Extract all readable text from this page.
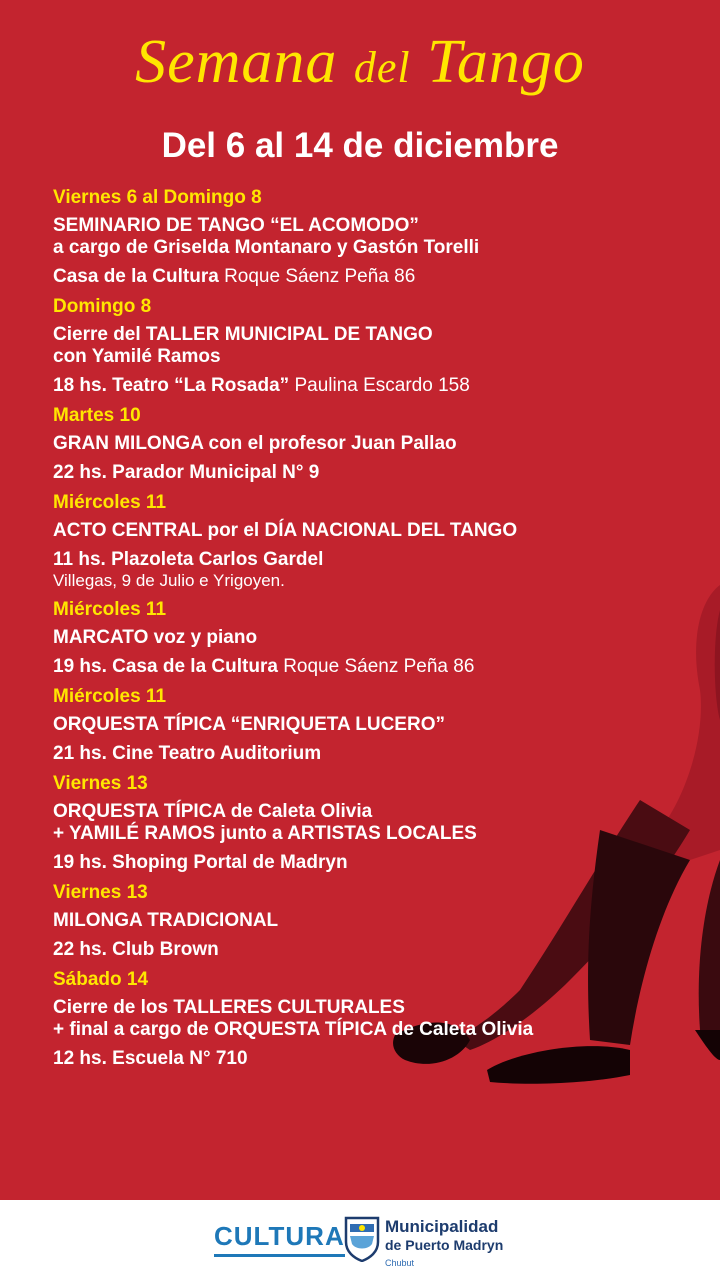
Semana del Tango
Del 6 al 14 de diciembre
Viernes 6 al Domingo 8
SEMINARIO DE TANGO “EL ACOMODO”
a cargo de Griselda Montanaro y Gastón Torelli
Casa de la Cultura Roque Sáenz Peña 86
Domingo 8
Cierre del TALLER MUNICIPAL DE TANGO
con Yamilé Ramos
18 hs. Teatro “La Rosada” Paulina Escardo 158
Martes 10
GRAN MILONGA con el profesor Juan Pallao
22 hs. Parador Municipal N° 9
Miércoles 11
ACTO CENTRAL por el DÍA NACIONAL DEL TANGO
11 hs. Plazoleta Carlos Gardel
Villegas, 9 de Julio e Yrigoyen.
Miércoles 11
MARCATO voz y piano
19 hs. Casa de la Cultura Roque Sáenz Peña 86
Miércoles 11
ORQUESTA TÍPICA “ENRIQUETA LUCERO”
21 hs. Cine Teatro Auditorium
Viernes 13
ORQUESTA TÍPICA de Caleta Olivia
+ YAMILÉ RAMOS junto a ARTISTAS LOCALES
19 hs. Shoping Portal de Madryn
Viernes 13
MILONGA TRADICIONAL
22 hs. Club Brown
Sábado 14
Cierre de los TALLERES CULTURALES
+ final a cargo de ORQUESTA TÍPICA de Caleta Olivia
12 hs. Escuela N° 710
CULTURA Municipalidad
de Puerto Madryn
Chubut
